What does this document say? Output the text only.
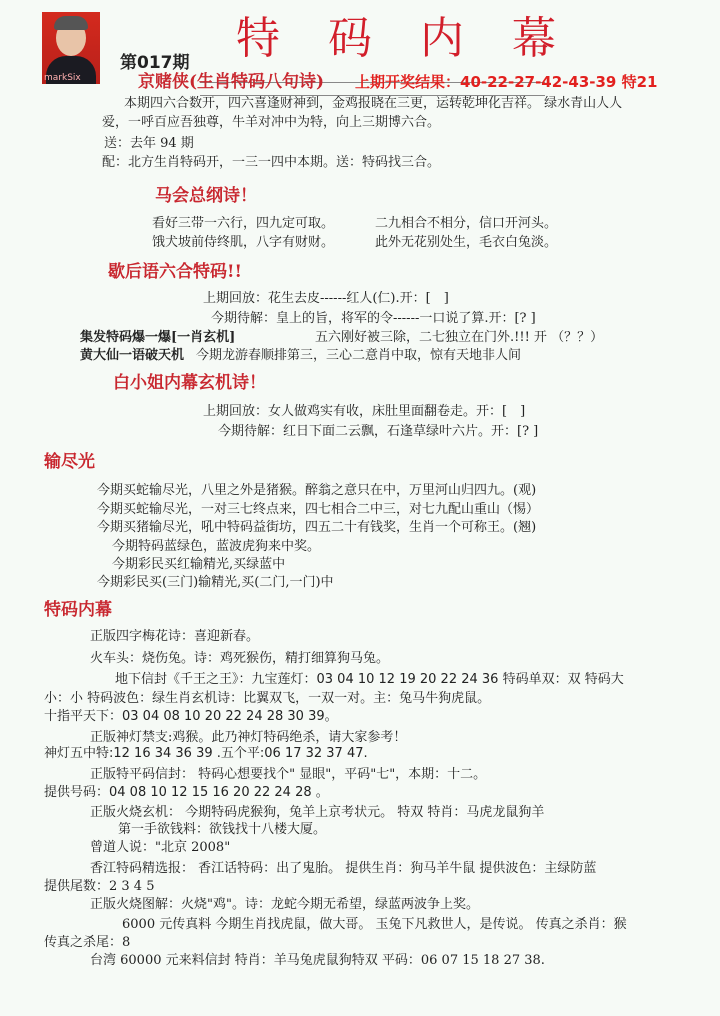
markSix
特 码 内 幕
第017期
上期开奖结果：40-22-27-42-43-39 特21
京赌侠(生肖特码八句诗)
本期四六合数开，四六喜逢财神到，金鸡报晓在三更，运转乾坤化吉祥。 绿水青山人人
爱，一呼百应吾独尊，牛羊对冲中为特，向上三期博六合。
送：去年 94 期
配：北方生肖特码开，一三一四中本期。送：特码找三合。
马会总纲诗！
看好三带一六行，四九定可取。	二九相合不相分，信口开河头。
饿犬坡前侍终肌，八字有财财。	此外无花别处生，毛衣白兔淡。
歇后语六合特码!!
上期回放：花生去皮------红人(仁).开：[　]
今期待解：皇上的旨，将军的令------一口说了算.开：[? ]
集发特码爆一爆[一肖玄机]	五六刚好被三除，二七独立在门外.!!! 开 （？？）
黄大仙一语破天机 今期龙游春顺排第三，三心二意肖中取，惊有天地非人间
白小姐内幕玄机诗！
上期回放：女人做鸡实有收，床肚里面翻卷走。开：[　]
今期待解：红日下面二云飘，石逢草绿叶六片。开：[? ]
输尽光
今期买蛇输尽光，八里之外是猪猴。醉翁之意只在中，万里河山归四九。(观)
今期买蛇输尽光，一对三七终点来，四七相合二中三，对七九配山重山（惕）
今期买猪输尽光，吼中特码益街坊，四五二十有钱奖，生肖一个可称王。(翘)
今期特码蓝绿色，蓝波虎狗来中奖。
今期彩民买红输精光,买绿蓝中
今期彩民买(三门)输精光,买(二门,一门)中
特码内幕
正版四字梅花诗：喜迎新春。
火车头：烧伤兔。诗：鸡死猴伤，精打细算狗马兔。
地下信封《千王之王》：九宝莲灯：03 04 10 12 19 20 22 24 36 特码单双：双 特码大
小：小 特码波色：绿生肖玄机诗：比翼双飞，一双一对。主：兔马牛狗虎鼠。
十指平天下：03 04 08 10 20 22 24 28 30 39。
正版神灯禁支:鸡猴。此乃神灯特码绝杀，请大家参考！
神灯五中特:12 16 34 36 39 .五个平:06 17 32 37 47.
正版特平码信封： 特码心想要找个" 显眼"，平码"七"，本期：十二。
提供号码：04 08 10 12 15 16 20 22 24 28 。
正版火烧玄机： 今期特码虎猴狗，兔羊上京考状元。 特双 特肖：马虎龙鼠狗羊
第一手欲钱料：欲钱找十八楼大厦。
曾道人说："北京 2008"
香江特码精选报： 香江话特码：出了鬼胎。 提供生肖：狗马羊牛鼠 提供波色：主绿防蓝
提供尾数：2 3 4 5
正版火烧图解：火烧"鸡"。诗：龙蛇今期无希望，绿蓝两波争上奖。
6000 元传真料 今期生肖找虎鼠，做大哥。 玉兔下凡救世人，是传说。 传真之杀肖：猴
传真之杀尾：8
台湾 60000 元来料信封 特肖：羊马兔虎鼠狗特双 平码：06 07 15 18 27 38.
